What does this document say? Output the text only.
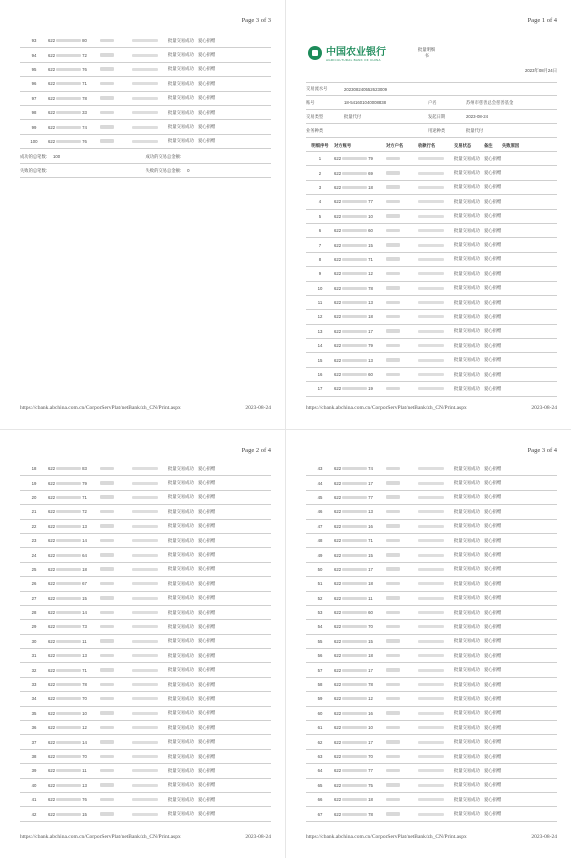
Page 3 of 3
93	622	80	批量交易成功 爱心捐赠
94	622	72	批量交易成功 爱心捐赠
95	622	76	批量交易成功 爱心捐赠
96	622	71	批量交易成功 爱心捐赠
97	622	78	批量交易成功 爱心捐赠
98	622	33	批量交易成功 爱心捐赠
99	622	74	批量交易成功 爱心捐赠
100	622	76	批量交易成功 爱心捐赠
成功的总笔数: 100	成功的交易总金额:
失败的总笔数:	失败的交易总金额: 0
https://cbank.abchina.com.cn/CorporServPlat/netBank/zh_CN/Print.aspx	2023-08-24
Page 1 of 4
中国农业银行
AGRICULTURAL BANK OF CHINA
批量明细
书
2023年08月24日
交易流水号	202308240552623009
账号	18-541601040008838	户名	苏州市慈善总会慈善基金
交易类型	批量代付	发起日期	2023-08-24
业务种类	用途种类	批量代付
明细序号	对方账号	对方户名	收款行名	交易状态	备注	失败原因
1	622	79	批量交易成功 爱心捐赠
2	622	69	批量交易成功 爱心捐赠
3	622	18	批量交易成功 爱心捐赠
4	622	77	批量交易成功 爱心捐赠
5	622	10	批量交易成功 爱心捐赠
6	622	60	批量交易成功 爱心捐赠
7	622	15	批量交易成功 爱心捐赠
8	622	71	批量交易成功 爱心捐赠
9	622	12	批量交易成功 爱心捐赠
10	622	78	批量交易成功 爱心捐赠
11	622	13	批量交易成功 爱心捐赠
12	622	18	批量交易成功 爱心捐赠
13	622	17	批量交易成功 爱心捐赠
14	622	79	批量交易成功 爱心捐赠
15	622	13	批量交易成功 爱心捐赠
16	622	60	批量交易成功 爱心捐赠
17	622	19	批量交易成功 爱心捐赠
https://cbank.abchina.com.cn/CorporServPlat/netBank/zh_CN/Print.aspx	2023-08-24
Page 2 of 4
18	622	83	批量交易成功 爱心捐赠
19	622	79	批量交易成功 爱心捐赠
20	622	71	批量交易成功 爱心捐赠
21	622	72	批量交易成功 爱心捐赠
22	622	13	批量交易成功 爱心捐赠
23	622	14	批量交易成功 爱心捐赠
24	622	64	批量交易成功 爱心捐赠
25	622	18	批量交易成功 爱心捐赠
26	622	67	批量交易成功 爱心捐赠
27	622	15	批量交易成功 爱心捐赠
28	622	14	批量交易成功 爱心捐赠
29	622	73	批量交易成功 爱心捐赠
30	622	11	批量交易成功 爱心捐赠
31	622	13	批量交易成功 爱心捐赠
32	622	71	批量交易成功 爱心捐赠
33	622	78	批量交易成功 爱心捐赠
34	622	70	批量交易成功 爱心捐赠
35	622	10	批量交易成功 爱心捐赠
36	622	12	批量交易成功 爱心捐赠
37	622	14	批量交易成功 爱心捐赠
38	622	70	批量交易成功 爱心捐赠
39	622	11	批量交易成功 爱心捐赠
40	622	13	批量交易成功 爱心捐赠
41	622	76	批量交易成功 爱心捐赠
42	622	15	批量交易成功 爱心捐赠
https://cbank.abchina.com.cn/CorporServPlat/netBank/zh_CN/Print.aspx	2023-08-24
Page 3 of 4
43	622	74	批量交易成功 爱心捐赠
44	622	17	批量交易成功 爱心捐赠
45	622	77	批量交易成功 爱心捐赠
46	622	13	批量交易成功 爱心捐赠
47	622	16	批量交易成功 爱心捐赠
48	622	71	批量交易成功 爱心捐赠
49	622	15	批量交易成功 爱心捐赠
50	622	17	批量交易成功 爱心捐赠
51	622	18	批量交易成功 爱心捐赠
52	622	11	批量交易成功 爱心捐赠
53	622	60	批量交易成功 爱心捐赠
54	622	70	批量交易成功 爱心捐赠
55	622	15	批量交易成功 爱心捐赠
56	622	18	批量交易成功 爱心捐赠
57	622	17	批量交易成功 爱心捐赠
58	622	78	批量交易成功 爱心捐赠
59	622	12	批量交易成功 爱心捐赠
60	622	16	批量交易成功 爱心捐赠
61	622	10	批量交易成功 爱心捐赠
62	622	17	批量交易成功 爱心捐赠
63	622	70	批量交易成功 爱心捐赠
64	622	77	批量交易成功 爱心捐赠
65	622	75	批量交易成功 爱心捐赠
66	622	18	批量交易成功 爱心捐赠
67	622	78	批量交易成功 爱心捐赠
https://cbank.abchina.com.cn/CorporServPlat/netBank/zh_CN/Print.aspx	2023-08-24
